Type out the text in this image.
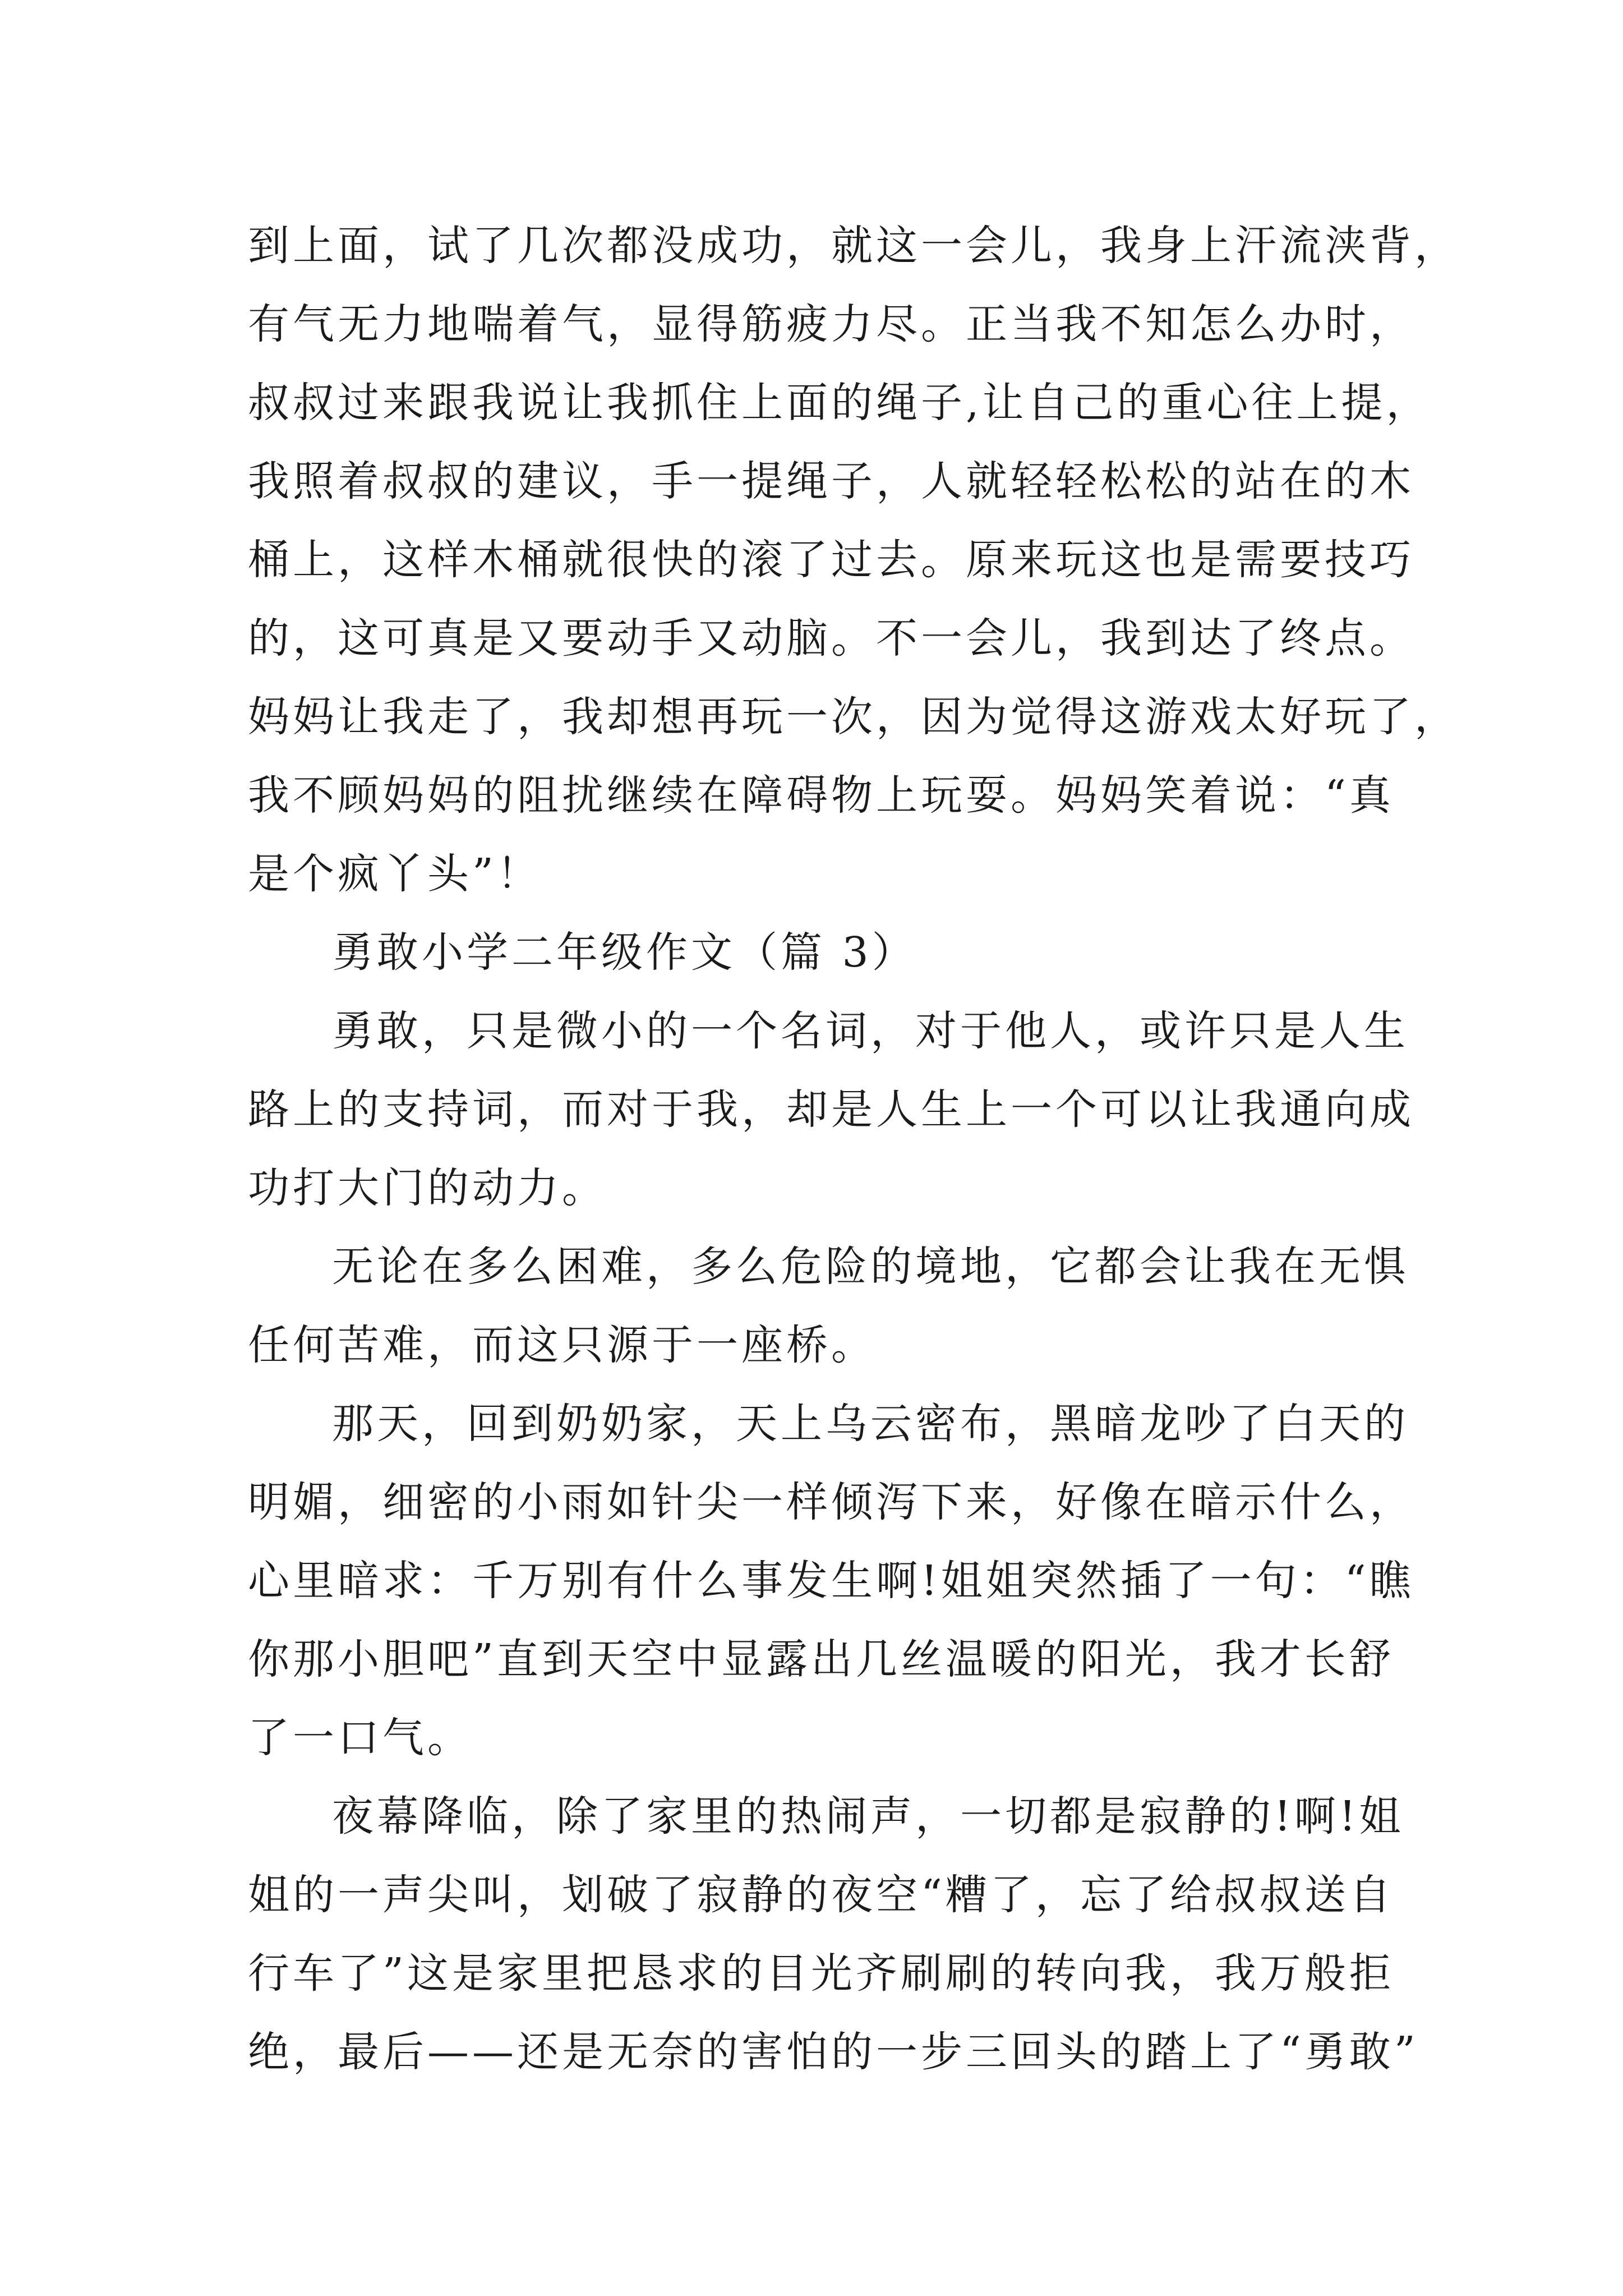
到上面，试了几次都没成功，就这一会儿，我身上汗流浃背，
有气无力地喘着气，显得筋疲力尽。正当我不知怎么办时，
叔叔过来跟我说让我抓住上面的绳子,让自己的重心往上提，
我照着叔叔的建议，手一提绳子，人就轻轻松松的站在的木
桶上，这样木桶就很快的滚了过去。原来玩这也是需要技巧
的，这可真是又要动手又动脑。不一会儿，我到达了终点。
妈妈让我走了，我却想再玩一次，因为觉得这游戏太好玩了，
我不顾妈妈的阻扰继续在障碍物上玩耍。妈妈笑着说：“真
是个疯丫头”！
勇敢小学二年级作文（篇 3）
勇敢，只是微小的一个名词，对于他人，或许只是人生
路上的支持词，而对于我，却是人生上一个可以让我通向成
功打大门的动力。
无论在多么困难，多么危险的境地，它都会让我在无惧
任何苦难，而这只源于一座桥。
那天，回到奶奶家，天上乌云密布，黑暗龙吵了白天的
明媚，细密的小雨如针尖一样倾泻下来，好像在暗示什么，
心里暗求：千万别有什么事发生啊!姐姐突然插了一句：“瞧
你那小胆吧”直到天空中显露出几丝温暖的阳光，我才长舒
了一口气。
夜幕降临，除了家里的热闹声，一切都是寂静的!啊!姐
姐的一声尖叫，划破了寂静的夜空“糟了，忘了给叔叔送自
行车了”这是家里把恳求的目光齐刷刷的转向我，我万般拒
绝，最后——还是无奈的害怕的一步三回头的踏上了“勇敢”
